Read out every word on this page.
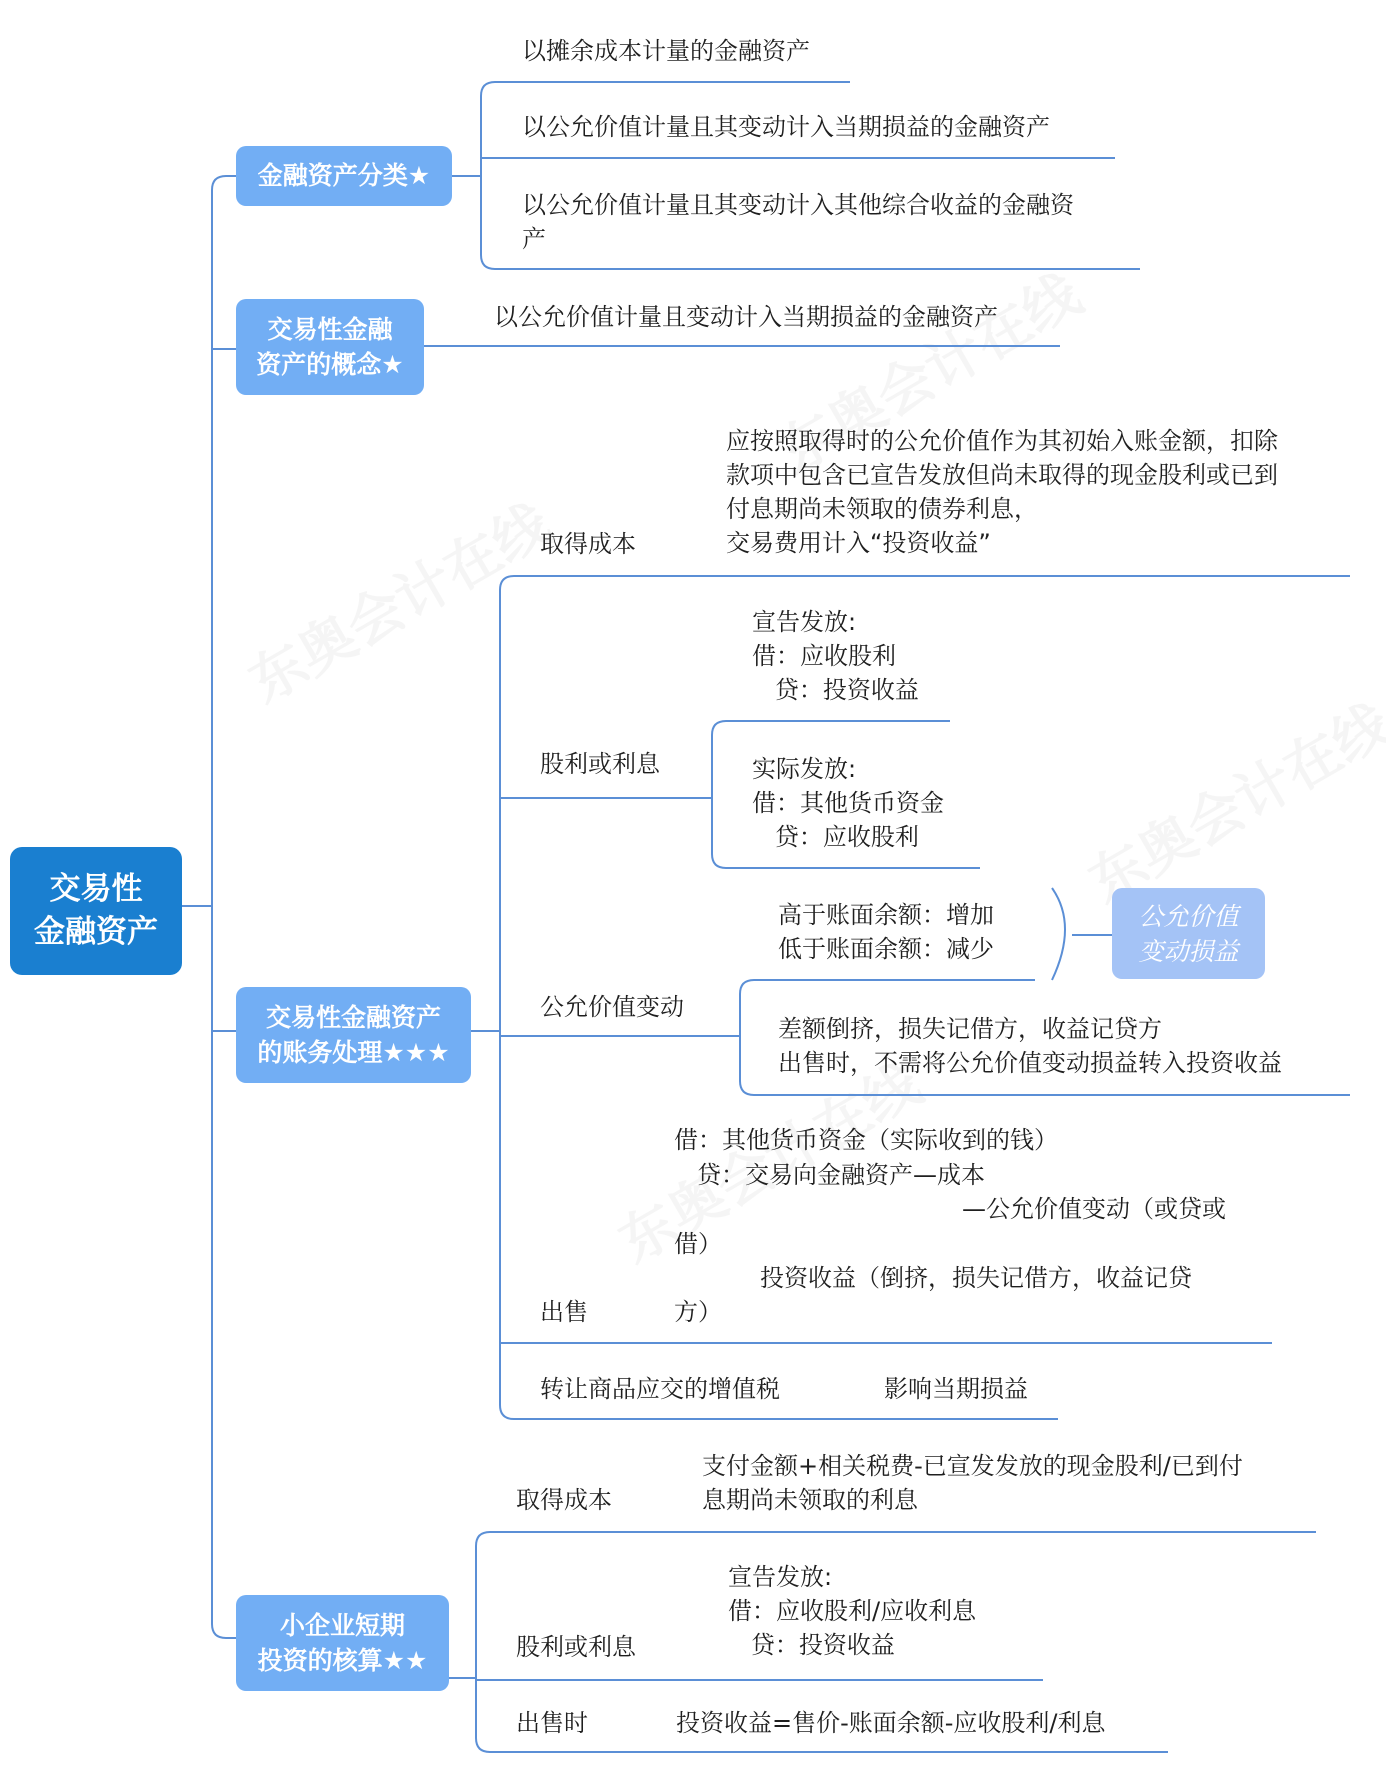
交易性
金融资产
金融资产分类★
以摊余成本计量的金融资产
以公允价值计量且其变动计入当期损益的金融资产
以公允价值计量且其变动计入其他综合收益的金融资
产
交易性金融
资产的概念★
以公允价值计量且变动计入当期损益的金融资产
交易性金融资产
的账务处理★★★
取得成本
应按照取得时的公允价值作为其初始入账金额，扣除
款项中包含已宣告发放但尚未取得的现金股利或已到
付息期尚未领取的债券利息，
交易费用计入“投资收益”
股利或利息
宣告发放:
借：应收股利
贷：投资收益
实际发放:
借：其他货币资金
贷：应收股利
公允价值变动
高于账面余额：增加
低于账面余额：减少
公允价值
变动损益
差额倒挤，损失记借方，收益记贷方
出售时，不需将公允价值变动损益转入投资收益
出售
借：其他货币资金（实际收到的钱）
贷：交易向金融资产—成本
—公允价值变动（或贷或
借）
投资收益（倒挤，损失记借方，收益记贷
方）
转让商品应交的增值税	影响当期损益
小企业短期
投资的核算★★
取得成本
支付金额+相关税费-已宣发发放的现金股利/已到付
息期尚未领取的利息
股利或利息
宣告发放:
借：应收股利/应收利息
贷：投资收益
出售时	投资收益=售价-账面余额-应收股利/利息
